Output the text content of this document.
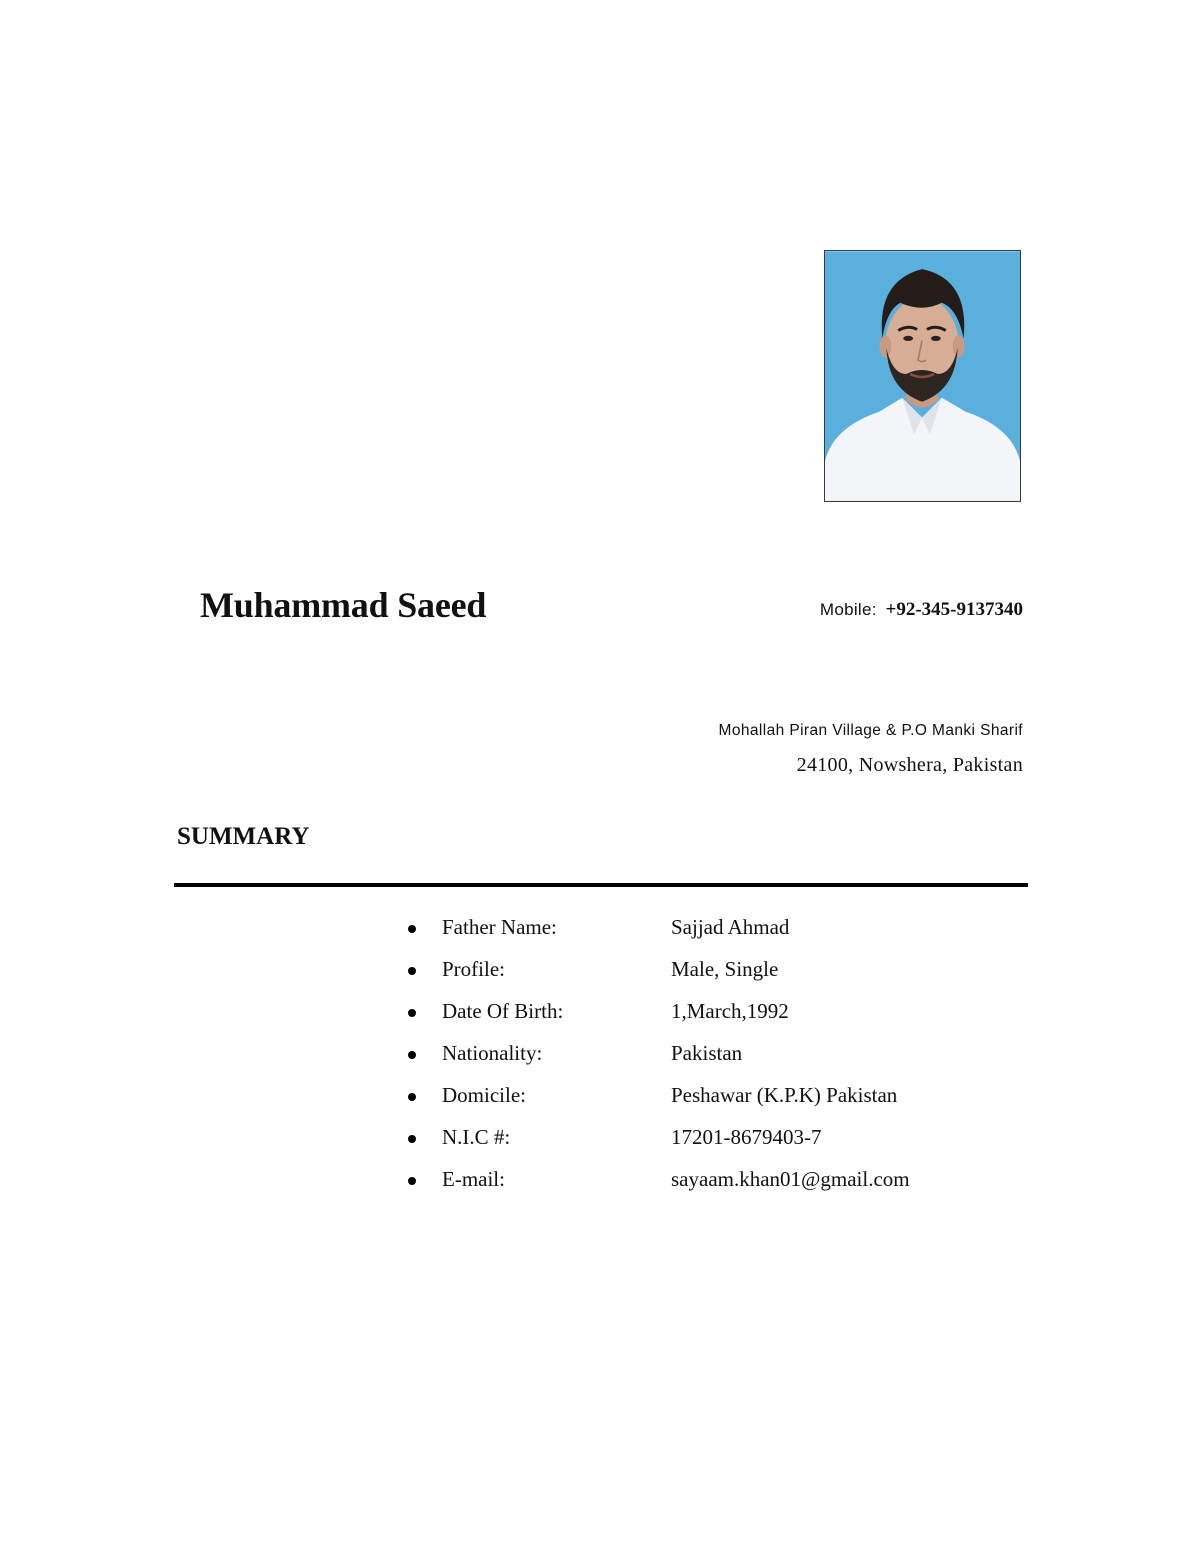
Muhammad Saeed	Mobile: +92-345-9137340
Mohallah Piran Village & P.O Manki Sharif
24100, Nowshera, Pakistan
SUMMARY
Father Name:	Sajjad Ahmad
Profile:	Male, Single
Date Of Birth:	1,March,1992
Nationality:	Pakistan
Domicile:	Peshawar (K.P.K) Pakistan
N.I.C #:	17201-8679403-7
E-mail:	sayaam.khan01@gmail.com
